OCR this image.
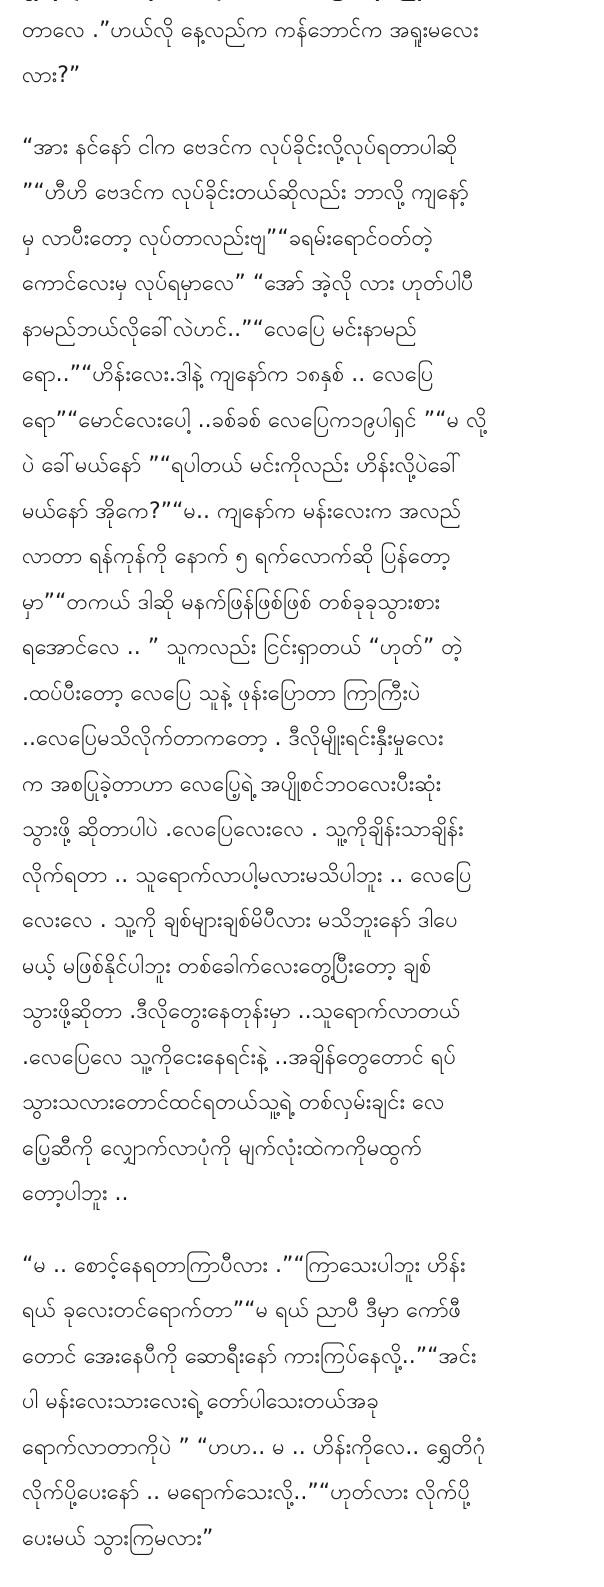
တာလေ .”ဟယ်လို နေ့လည်က ကန်ဘောင်က အရူးမလေး
လား?”
“အား နင်နော် ငါက ဗေဒင်က လုပ်ခိုင်းလို့လုပ်ရတာပါဆို
”“ဟီဟိ ဗေဒင်က လုပ်ခိုင်းတယ်ဆိုလည်း ဘာလို့ ကျနော့်
မှ လာပီးတော့ လုပ်တာလည်းဗျ”“ခရမ်းရောင်ဝတ်တဲ့
ကောင်လေးမှ လုပ်ရမှာလေ” “အော် အဲ့လို လား ဟုတ်ပါပီ
နာမည်ဘယ်လိုခေါ်လဲဟင်..”“လေပြေ မင်းနာမည်
ရော..”“ဟိန်းလေး.ဒါနဲ့ ကျနော်က ၁၈နှစ် .. လေပြေ
ရော”“မောင်လေးပေါ့ ..ခစ်ခစ် လေပြေက၁၉ပါရှင် ”“မ လို့
ပဲ ခေါ်မယ်နော် ”“ရပါတယ် မင်းကိုလည်း ဟိန်းလို့ပဲခေါ်
မယ်နော် အိုကေ?”“မ.. ကျနော်က မန်းလေးက အလည်
လာတာ ရန်ကုန်ကို နောက် ၅ ရက်လောက်ဆို ပြန်တော့
မှာ”“တကယ် ဒါဆို မနက်ဖြန်ဖြစ်ဖြစ် တစ်ခုခုသွားစား
ရအောင်လေ .. ” သူကလည်း ငြင်းရှာတယ် “ဟုတ်” တဲ့
.ထပ်ပီးတော့ လေပြေ သူနဲ့ ဖုန်းပြောတာ ကြာကြီးပဲ
..လေပြေမသိလိုက်တာကတော့ . ဒီလိုမျိုးရင်းနှီးမှုလေး
က အစပြုခဲ့တာဟာ လေပြေ့ရဲ့ အပျိုစင်ဘဝလေးပီးဆုံး
သွားဖို့ ဆိုတာပါပဲ .လေပြေလေးလေ . သူ့ကိုချိန်းသာချိန်း
လိုက်ရတာ .. သူရောက်လာပါ့မလားမသိပါဘူး .. လေပြေ
လေးလေ . သူ့ကို ချစ်များချစ်မိပီလား မသိဘူးနော် ဒါပေ
မယ့် မဖြစ်နိုင်ပါဘူး တစ်ခေါက်လေးတွေ့ပြီးတော့ ချစ်
သွားဖို့ဆိုတာ .ဒီလိုတွေးနေတုန်းမှာ ..သူရောက်လာတယ်
.လေပြေလေ သူ့ကိုငေးနေရင်းနဲ့ ..အချိန်တွေတောင် ရပ်
သွားသလားတောင်ထင်ရတယ်သူ့ရဲ့ တစ်လှမ်းချင်း လေ
ပြေ့ဆီကို လျှောက်လာပုံကို မျက်လုံးထဲကကိုမထွက်
တော့ပါဘူး ..
“မ .. စောင့်နေရတာကြာပီလား .”“ကြာသေးပါဘူး ဟိန်း
ရယ် ခုလေးတင်ရောက်တာ”“မ ရယ် ညာပီ ဒီမှာ ကော်ဖီ
တောင် အေးနေပီကို ဆောရီးနော် ကားကြပ်နေလို့..”“အင်း
ပါ မန်းလေးသားလေးရဲ့ တော်ပါသေးတယ်အခု
ရောက်လာတာကိုပဲ ” “ဟဟ.. မ .. ဟိန်းကိုလေ.. ရွှေတိဂုံ
လိုက်ပို့ပေးနော် .. မရောက်သေးလို့..”“ဟုတ်လား လိုက်ပို့
ပေးမယ် သွားကြမလား”
